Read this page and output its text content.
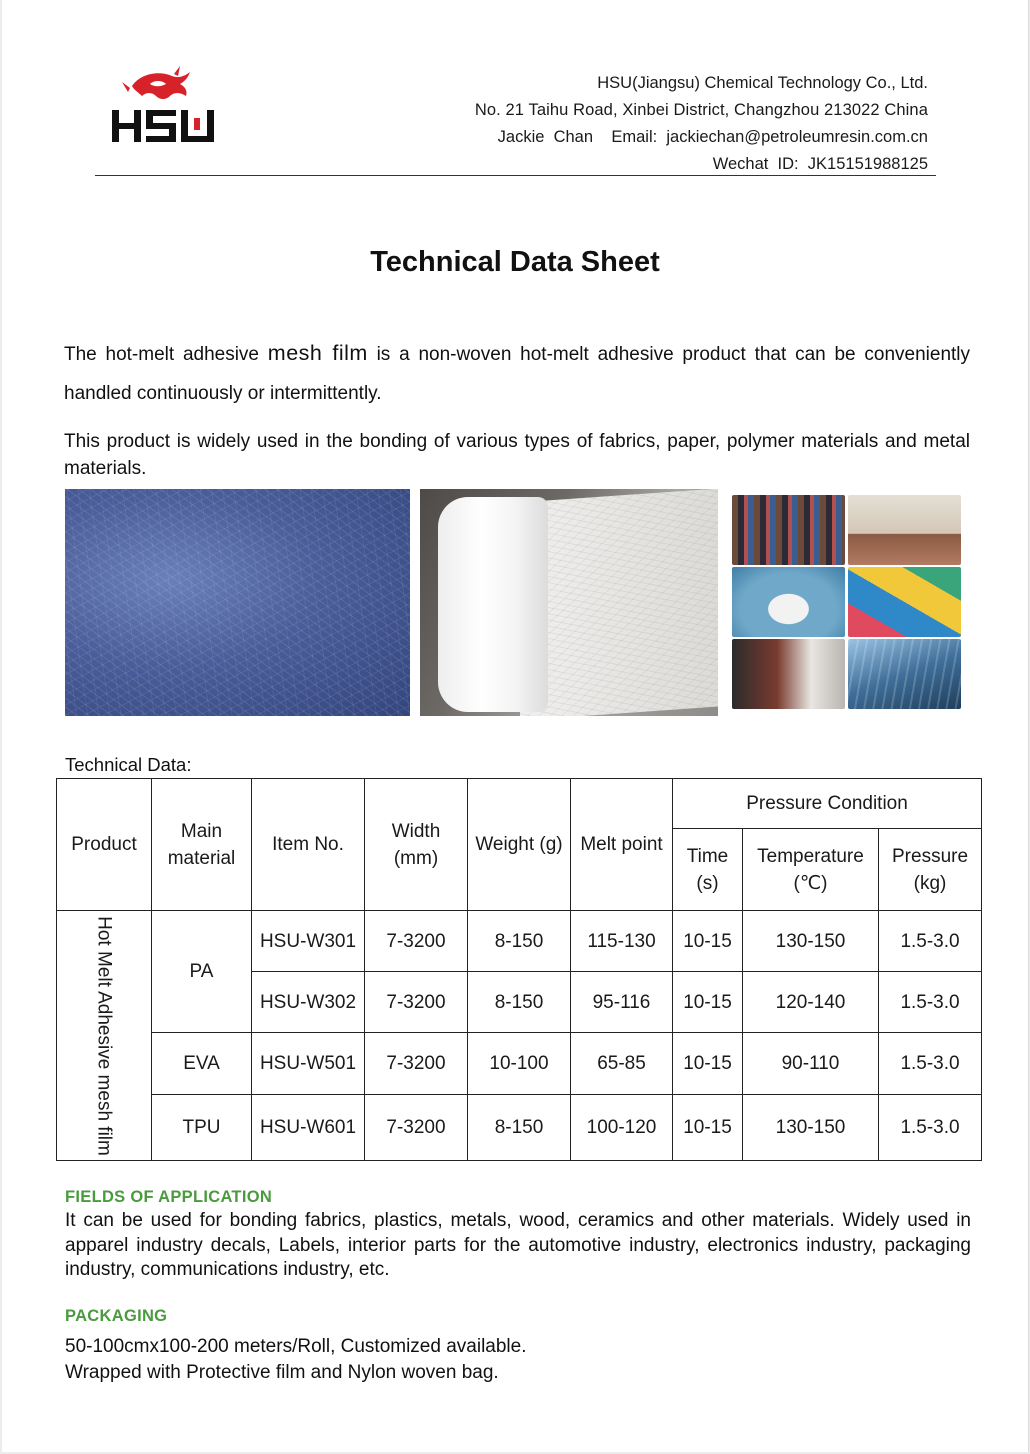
HSU(Jiangsu) Chemical Technology Co., Ltd.
No. 21 Taihu Road, Xinbei District, Changzhou 213022 China
Jackie  Chan    Email:  jackiechan@petroleumresin.com.cn
Wechat  ID:  JK15151988125
Technical Data Sheet
The hot-melt adhesive mesh film is a non-woven hot-melt adhesive product that can be conveniently handled continuously or intermittently.
This product is widely used in the bonding of various types of fabrics, paper, polymer materials and metal materials.
Technical Data:
Product	Main material	Item No.	Width (mm)	Weight (g)	Melt point	Pressure Condition		
						Time (s)	Temperature (℃)	Pressure (kg)

Hot Melt Adhesive mesh film	PA	HSU-W301	7-3200	8-150	115-130	10-15	130-150	1.5-3.0
		HSU-W302	7-3200	8-150	95-116	10-15	120-140	1.5-3.0
	EVA	HSU-W501	7-3200	10-100	65-85	10-15	90-110	1.5-3.0
	TPU	HSU-W601	7-3200	8-150	100-120	10-15	130-150	1.5-3.0
FIELDS OF APPLICATION
It can be used for bonding fabrics, plastics, metals, wood, ceramics and other materials. Widely used in apparel industry decals, Labels, interior parts for the automotive industry, electronics industry, packaging industry, communications industry, etc.
PACKAGING
50-100cmx100-200 meters/Roll, Customized available.
Wrapped with Protective film and Nylon woven bag.
